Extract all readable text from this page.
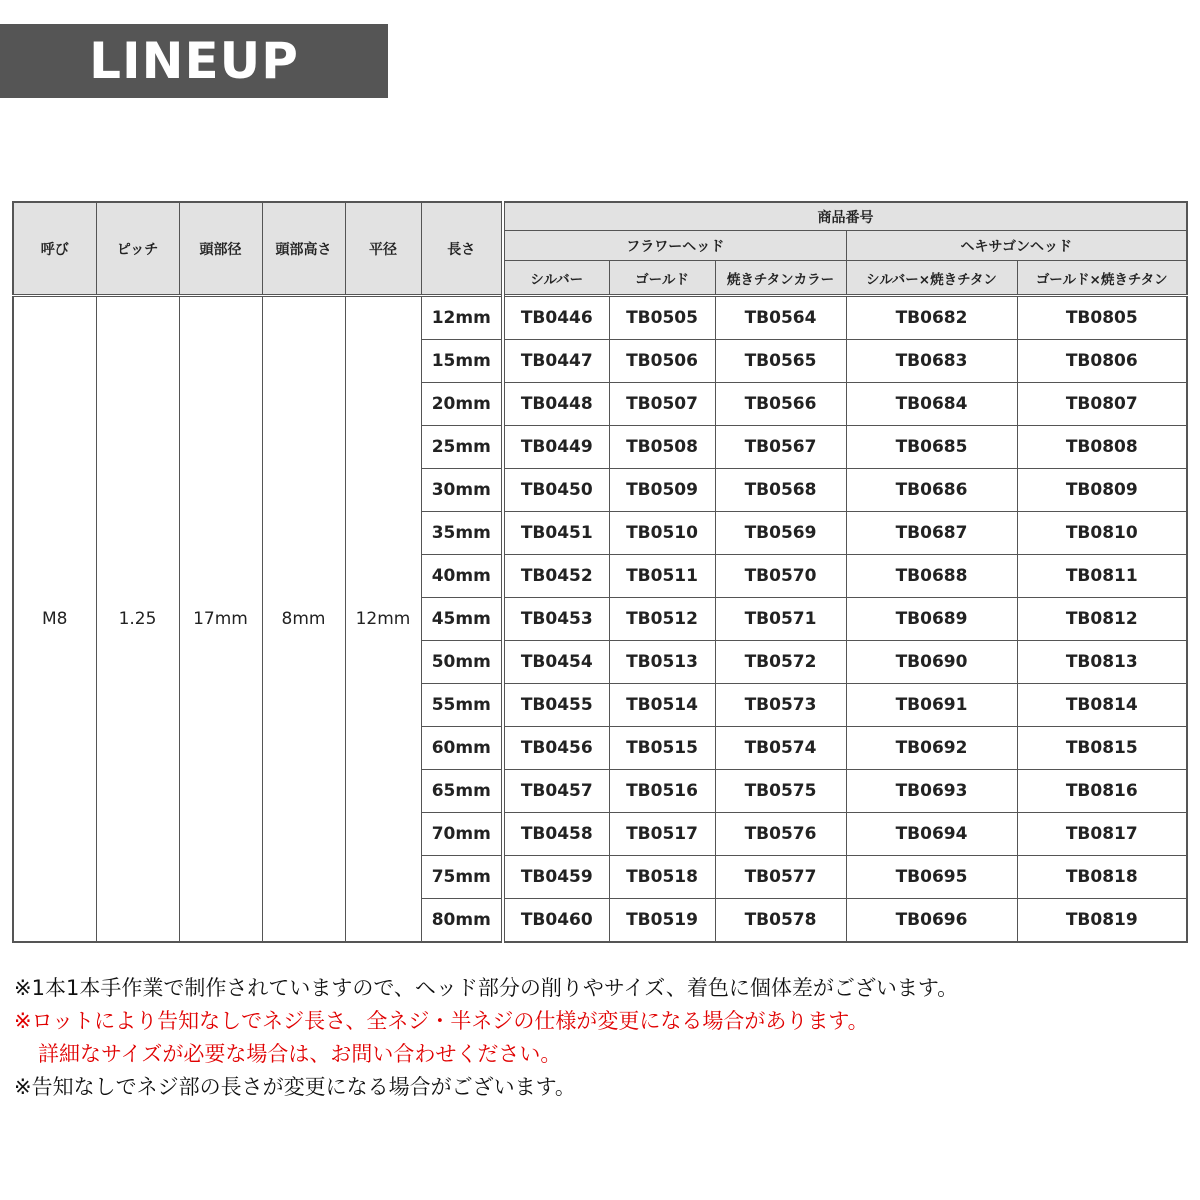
LINEUP
呼び	ピッチ	頭部径	頭部高さ	平径	長さ	商品番号				
						フラワーヘッド			ヘキサゴンヘッド	
						シルバー	ゴールド	焼きチタンカラー	シルバー×焼きチタン	ゴールド×焼きチタン
M8	1.25	17mm	8mm	12mm	12mm	TB0446	TB0505	TB0564	TB0682	TB0805
					15mm	TB0447	TB0506	TB0565	TB0683	TB0806
					20mm	TB0448	TB0507	TB0566	TB0684	TB0807
					25mm	TB0449	TB0508	TB0567	TB0685	TB0808
					30mm	TB0450	TB0509	TB0568	TB0686	TB0809
					35mm	TB0451	TB0510	TB0569	TB0687	TB0810
					40mm	TB0452	TB0511	TB0570	TB0688	TB0811
					45mm	TB0453	TB0512	TB0571	TB0689	TB0812
					50mm	TB0454	TB0513	TB0572	TB0690	TB0813
					55mm	TB0455	TB0514	TB0573	TB0691	TB0814
					60mm	TB0456	TB0515	TB0574	TB0692	TB0815
					65mm	TB0457	TB0516	TB0575	TB0693	TB0816
					70mm	TB0458	TB0517	TB0576	TB0694	TB0817
					75mm	TB0459	TB0518	TB0577	TB0695	TB0818
					80mm	TB0460	TB0519	TB0578	TB0696	TB0819
※1本1本手作業で制作されていますので、ヘッド部分の削りやサイズ、着色に個体差がございます。
※ロットにより告知なしでネジ長さ、全ネジ・半ネジの仕様が変更になる場合があります。
詳細なサイズが必要な場合は、お問い合わせください。
※告知なしでネジ部の長さが変更になる場合がございます。
